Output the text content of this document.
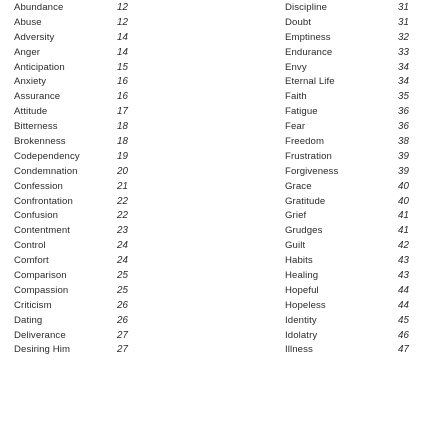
Abundance
Abuse
Adversity
Anger
Anticipation
Anxiety
Assurance
Attitude
Bitterness
Brokenness
Codependency
Condemnation
Confession
Confrontation
Confusion
Contentment
Control
Comfort
Comparison
Compassion
Criticism
Dating
Deliverance
Desiring Him
12
12
14
14
15
16
16
17
18
18
19
20
21
22
22
23
24
24
25
25
26
26
27
27
Discipline
Doubt
Emptiness
Endurance
Envy
Eternal Life
Faith
Fatigue
Fear
Freedom
Frustration
Forgiveness
Grace
Gratitude
Grief
Grudges
Guilt
Habits
Healing
Hopeful
Hopeless
Identity
Idolatry
Illness
31
31
32
33
34
34
35
36
36
38
39
39
40
40
41
41
42
43
43
44
44
45
46
47
